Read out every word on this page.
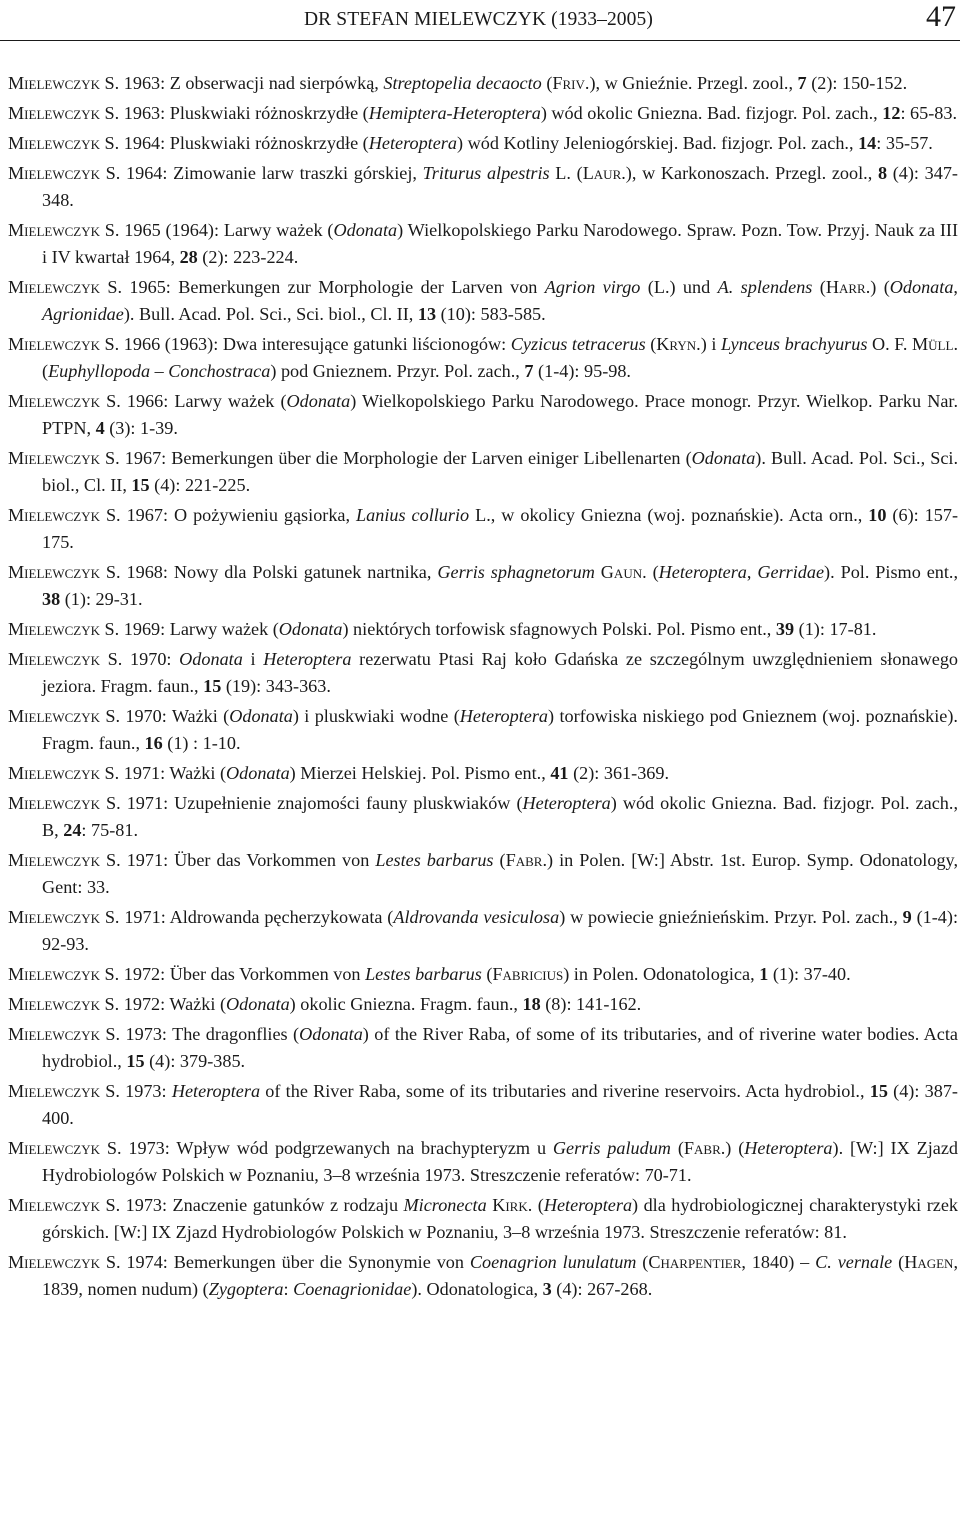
DR STEFAN MIELEWCZYK (1933–2005)	47

Mielewczyk S. 1963: Z obserwacji nad sierpówką, Streptopelia decaocto (Friv.), w Gnieźnie. Przegl. zool., 7 (2): 150-152.

Mielewczyk S. 1963: Pluskwiaki różnoskrzydłe (Hemiptera-Heteroptera) wód okolic Gniezna. Bad. fizjogr. Pol. zach., 12: 65-83.

Mielewczyk S. 1964: Pluskwiaki różnoskrzydłe (Heteroptera) wód Kotliny Jeleniogórskiej. Bad. fizjogr. Pol. zach., 14: 35-57.

Mielewczyk S. 1964: Zimowanie larw traszki górskiej, Triturus alpestris L. (Laur.), w Karkonoszach. Przegl. zool., 8 (4): 347-348.

Mielewczyk S. 1965 (1964): Larwy ważek (Odonata) Wielkopolskiego Parku Narodowego. Spraw. Pozn. Tow. Przyj. Nauk za III i IV kwartał 1964, 28 (2): 223-224.

Mielewczyk S. 1965: Bemerkungen zur Morphologie der Larven von Agrion virgo (L.) und A. splendens (Harr.) (Odonata, Agrionidae). Bull. Acad. Pol. Sci., Sci. biol., Cl. II, 13 (10): 583-585.

Mielewczyk S. 1966 (1963): Dwa interesujące gatunki liścionogów: Cyzicus tetracerus (Kryn.) i Lynceus brachyurus O. F. Müll. (Euphyllopoda – Conchostraca) pod Gnieznem. Przyr. Pol. zach., 7 (1-4): 95-98.

Mielewczyk S. 1966: Larwy ważek (Odonata) Wielkopolskiego Parku Narodowego. Prace monogr. Przyr. Wielkop. Parku Nar. PTPN, 4 (3): 1-39.

Mielewczyk S. 1967: Bemerkungen über die Morphologie der Larven einiger Libellenarten (Odonata). Bull. Acad. Pol. Sci., Sci. biol., Cl. II, 15 (4): 221-225.

Mielewczyk S. 1967: O pożywieniu gąsiorka, Lanius collurio L., w okolicy Gniezna (woj. poznańskie). Acta orn., 10 (6): 157-175.

Mielewczyk S. 1968: Nowy dla Polski gatunek nartnika, Gerris sphagnetorum Gaun. (Heteroptera, Gerridae). Pol. Pismo ent., 38 (1): 29-31.

Mielewczyk S. 1969: Larwy ważek (Odonata) niektórych torfowisk sfagnowych Polski. Pol. Pismo ent., 39 (1): 17-81.

Mielewczyk S. 1970: Odonata i Heteroptera rezerwatu Ptasi Raj koło Gdańska ze szczególnym uwzględnieniem słonawego jeziora. Fragm. faun., 15 (19): 343-363.

Mielewczyk S. 1970: Ważki (Odonata) i pluskwiaki wodne (Heteroptera) torfowiska niskiego pod Gnieznem (woj. poznańskie). Fragm. faun., 16 (1) : 1-10.

Mielewczyk S. 1971: Ważki (Odonata) Mierzei Helskiej. Pol. Pismo ent., 41 (2): 361-369.

Mielewczyk S. 1971: Uzupełnienie znajomości fauny pluskwiaków (Heteroptera) wód okolic Gniezna. Bad. fizjogr. Pol. zach., B, 24: 75-81.

Mielewczyk S. 1971: Über das Vorkommen von Lestes barbarus (Fabr.) in Polen. [W:] Abstr. 1st. Europ. Symp. Odonatology, Gent: 33.

Mielewczyk S. 1971: Aldrowanda pęcherzykowata (Aldrovanda vesiculosa) w powiecie gnieźnieńskim. Przyr. Pol. zach., 9 (1-4): 92-93.

Mielewczyk S. 1972: Über das Vorkommen von Lestes barbarus (Fabricius) in Polen. Odonatologica, 1 (1): 37-40.

Mielewczyk S. 1972: Ważki (Odonata) okolic Gniezna. Fragm. faun., 18 (8): 141-162.

Mielewczyk S. 1973: The dragonflies (Odonata) of the River Raba, of some of its tributaries, and of riverine water bodies. Acta hydrobiol., 15 (4): 379-385.

Mielewczyk S. 1973: Heteroptera of the River Raba, some of its tributaries and riverine reservoirs. Acta hydrobiol., 15 (4): 387-400.

Mielewczyk S. 1973: Wpływ wód podgrzewanych na brachypteryzm u Gerris paludum (Fabr.) (Heteroptera). [W:] IX Zjazd Hydrobiologów Polskich w Poznaniu, 3–8 września 1973. Streszczenie referatów: 70-71.

Mielewczyk S. 1973: Znaczenie gatunków z rodzaju Micronecta Kirk. (Heteroptera) dla hydrobiologicznej charakterystyki rzek górskich. [W:] IX Zjazd Hydrobiologów Polskich w Poznaniu, 3–8 września 1973. Streszczenie referatów: 81.

Mielewczyk S. 1974: Bemerkungen über die Synonymie von Coenagrion lunulatum (Charpentier, 1840) – C. vernale (Hagen, 1839, nomen nudum) (Zygoptera: Coenagrionidae). Odonatologica, 3 (4): 267-268.
